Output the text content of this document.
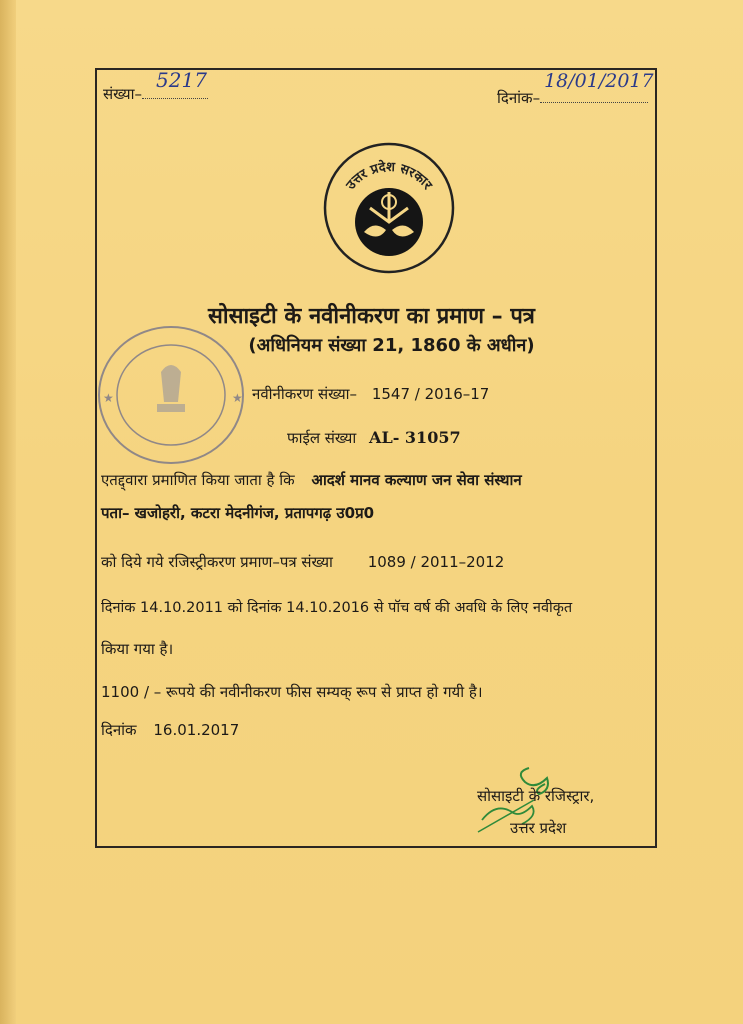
संख्या–
5217
दिनांक–
18/01/2017
उत्तर प्रदेश सरकार
सोसाइटी के नवीनीकरण का प्रमाण – पत्र
(अधिनियम संख्या 21, 1860 के अधीन)
★
★	नवीनीकरण संख्या– 1547 / 2016–17
फाईल संख्या AL- 31057
एतद्द्वारा प्रमाणित किया जाता है कि आदर्श मानव कल्याण जन सेवा संस्थान
पता– खजोहरी, कटरा मेदनीगंज, प्रतापगढ़ उ0प्र0
को दिये गये रजिस्ट्रीकरण प्रमाण–पत्र संख्या 1089 / 2011–2012
दिनांक 14.10.2011 को दिनांक 14.10.2016 से पॉच वर्ष की अवधि के लिए नवीकृत
किया गया है।
1100 / – रूपये की नवीनीकरण फीस सम्यक् रूप से प्राप्त हो गयी है।
दिनांक 16.01.2017
सोसाइटी के रजिस्ट्रार,
उत्तर प्रदेश
